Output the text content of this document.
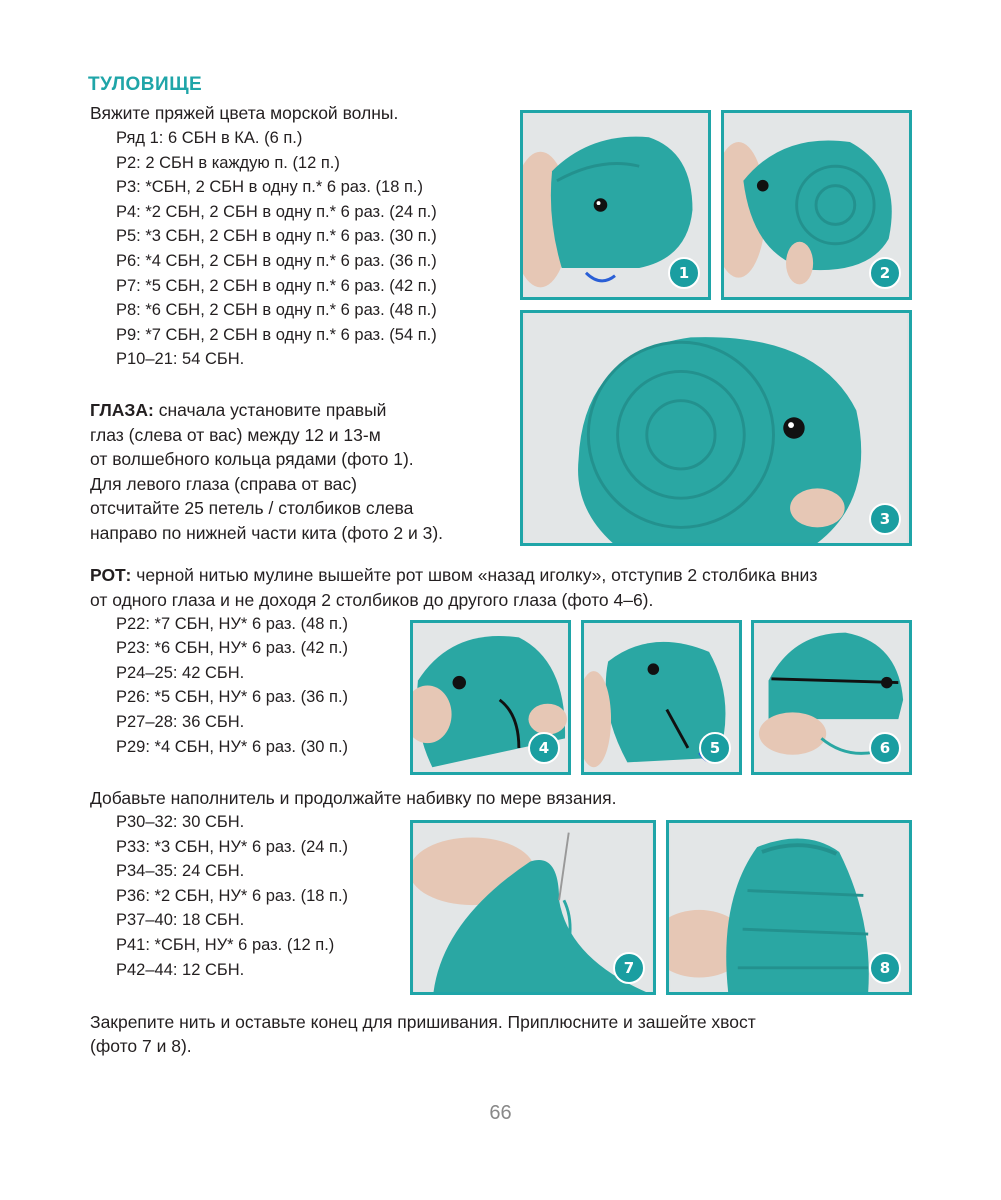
ТУЛОВИЩЕ
Вяжите пряжей цвета морской волны.
Ряд 1: 6 СБН в КА. (6 п.)
Р2: 2 СБН в каждую п. (12 п.)
Р3: *СБН, 2 СБН в одну п.* 6 раз. (18 п.)
Р4: *2 СБН, 2 СБН в одну п.* 6 раз. (24 п.)
Р5: *3 СБН, 2 СБН в одну п.* 6 раз. (30 п.)
Р6: *4 СБН, 2 СБН в одну п.* 6 раз. (36 п.)
Р7: *5 СБН, 2 СБН в одну п.* 6 раз. (42 п.)
Р8: *6 СБН, 2 СБН в одну п.* 6 раз. (48 п.)
Р9: *7 СБН, 2 СБН в одну п.* 6 раз. (54 п.)
Р10–21: 54 СБН.
ГЛАЗА: сначала установите правый
глаз (слева от вас) между 12 и 13-м
от волшебного кольца рядами (фото 1).
Для левого глаза (справа от вас)
отсчитайте 25 петель / столбиков слева
направо по нижней части кита (фото 2 и 3).
РОТ: черной нитью мулине вышейте рот швом «назад иголку», отступив 2 столбика вниз
от одного глаза и не доходя 2 столбиков до другого глаза (фото 4–6).
Р22: *7 СБН, НУ* 6 раз. (48 п.)
Р23: *6 СБН, НУ* 6 раз. (42 п.)
Р24–25: 42 СБН.
Р26: *5 СБН, НУ* 6 раз. (36 п.)
Р27–28: 36 СБН.
Р29: *4 СБН, НУ* 6 раз. (30 п.)
Добавьте наполнитель и продолжайте набивку по мере вязания.
Р30–32: 30 СБН.
Р33: *3 СБН, НУ* 6 раз. (24 п.)
Р34–35: 24 СБН.
Р36: *2 СБН, НУ* 6 раз. (18 п.)
Р37–40: 18 СБН.
Р41: *СБН, НУ* 6 раз. (12 п.)
Р42–44: 12 СБН.
Закрепите нить и оставьте конец для пришивания. Приплюсните и зашейте хвост
(фото 7 и 8).
1	2
3
4	5	6
7	8
66
